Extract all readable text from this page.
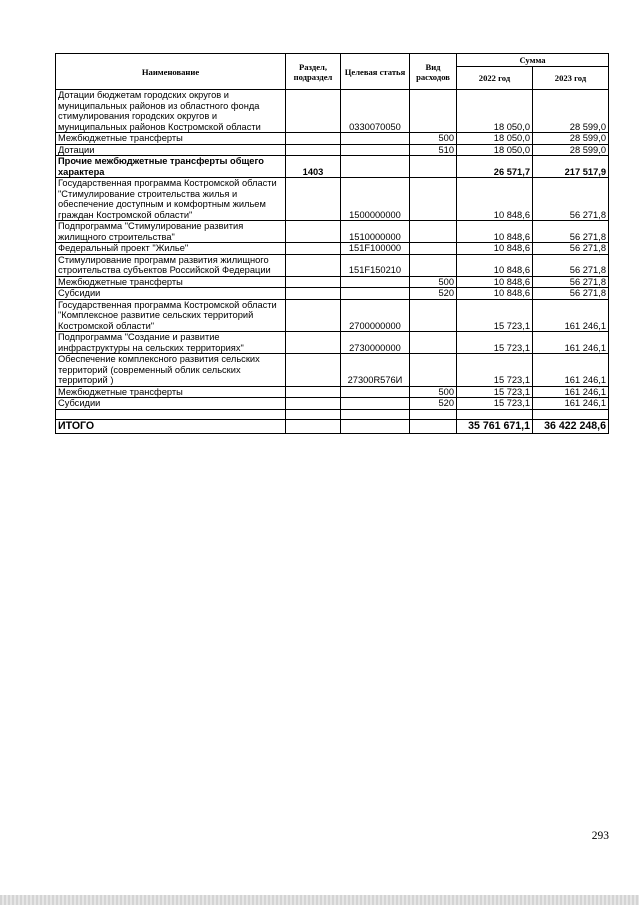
Наименование	Раздел, подраздел	Целевая статья	Вид расходов	Сумма	
				2022 год	2023 год
Дотации бюджетам городских округов и муниципальных районов из областного фонда стимулирования городских округов и муниципальных районов Костромской области		0330070050		18 050,0	28 599,0
Межбюджетные трансферты			500	18 050,0	28 599,0
Дотации			510	18 050,0	28 599,0
Прочие межбюджетные трансферты общего характера	1403			26 571,7	217 517,9
Государственная программа Костромской области "Стимулирование строительства жилья и обеспечение доступным и комфортным жильем граждан Костромской области"		1500000000		10 848,6	56 271,8
Подпрограмма "Стимулирование развития жилищного строительства"		1510000000		10 848,6	56 271,8
Федеральный проект "Жилье"		151F100000		10 848,6	56 271,8
Стимулирование программ развития жилищного строительства субъектов Российской Федерации		151F150210		10 848,6	56 271,8
Межбюджетные трансферты			500	10 848,6	56 271,8
Субсидии			520	10 848,6	56 271,8
Государственная программа Костромской области "Комплексное развитие сельских территорий Костромской области"		2700000000		15 723,1	161 246,1
Подпрограмма "Создание и развитие инфраструктуры на сельских территориях"		2730000000		15 723,1	161 246,1
Обеспечение комплексного развития сельских территорий (современный облик сельских территорий )		27300R576И		15 723,1	161 246,1
Межбюджетные трансферты			500	15 723,1	161 246,1
Субсидии			520	15 723,1	161 246,1

ИТОГО				35 761 671,1	36 422 248,6
293
